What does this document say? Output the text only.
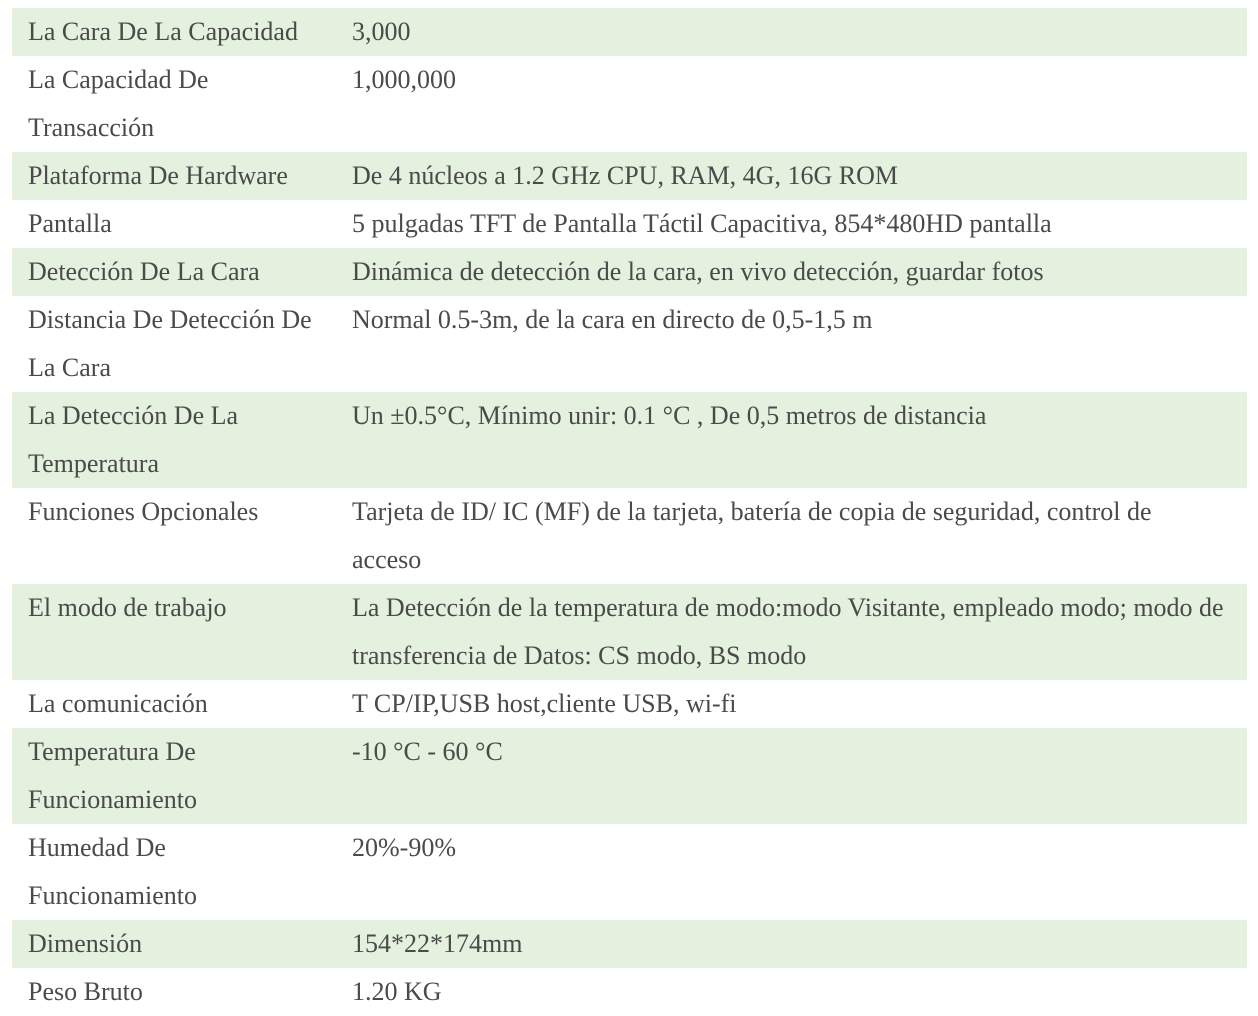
La Cara De La Capacidad	3,000
La Capacidad De Transacción	1,000,000
Plataforma De Hardware	De 4 núcleos a 1.2 GHz CPU, RAM, 4G, 16G ROM
Pantalla	5 pulgadas TFT de Pantalla Táctil Capacitiva, 854*480HD pantalla
Detección De La Cara	Dinámica de detección de la cara, en vivo detección, guardar fotos
Distancia De Detección De La Cara	Normal 0.5-3m, de la cara en directo de 0,5-1,5 m
La Detección De La Temperatura	Un ±0.5°C, Mínimo unir: 0.1 °C , De 0,5 metros de distancia
Funciones Opcionales	Tarjeta de ID/ IC (MF) de la tarjeta, batería de copia de seguridad, control de acceso
El modo de trabajo	La Detección de la temperatura de modo:modo Visitante, empleado modo; modo de transferencia de Datos: CS modo, BS modo
La comunicación	T CP/IP,USB host,cliente USB, wi-fi
Temperatura De Funcionamiento	-10 °C - 60 °C
Humedad De Funcionamiento	20%-90%
Dimensión	154*22*174mm
Peso Bruto	1.20 KG
